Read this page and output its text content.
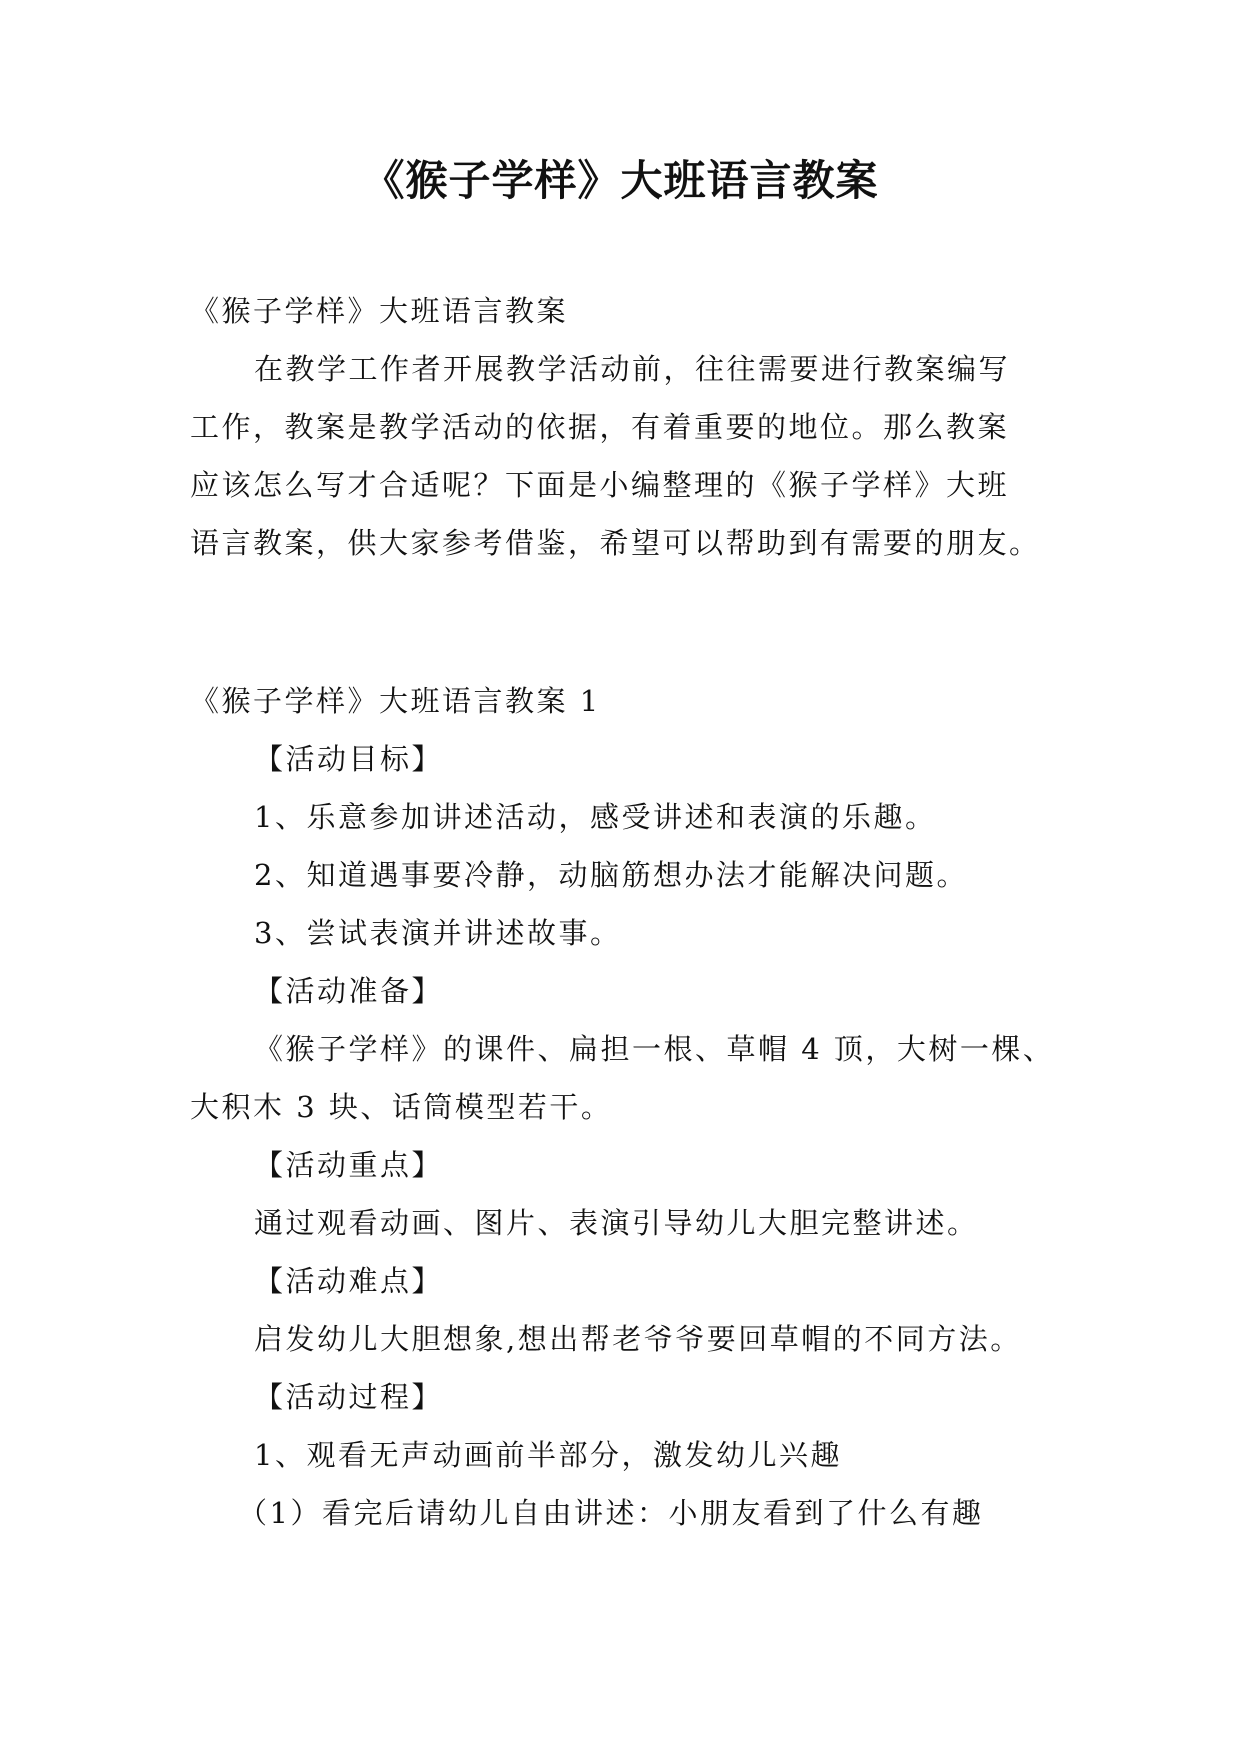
《猴子学样》大班语言教案
《猴子学样》大班语言教案
在教学工作者开展教学活动前，往往需要进行教案编写
工作，教案是教学活动的依据，有着重要的地位。那么教案
应该怎么写才合适呢？下面是小编整理的《猴子学样》大班
语言教案，供大家参考借鉴，希望可以帮助到有需要的朋友。
《猴子学样》大班语言教案 1
【活动目标】
1、乐意参加讲述活动，感受讲述和表演的乐趣。
2、知道遇事要冷静，动脑筋想办法才能解决问题。
3、尝试表演并讲述故事。
【活动准备】
《猴子学样》的课件、扁担一根、草帽 4 顶，大树一棵、
大积木 3 块、话筒模型若干。
【活动重点】
通过观看动画、图片、表演引导幼儿大胆完整讲述。
【活动难点】
启发幼儿大胆想象,想出帮老爷爷要回草帽的不同方法。
【活动过程】
1、观看无声动画前半部分，激发幼儿兴趣
（1）看完后请幼儿自由讲述：小朋友看到了什么有趣
